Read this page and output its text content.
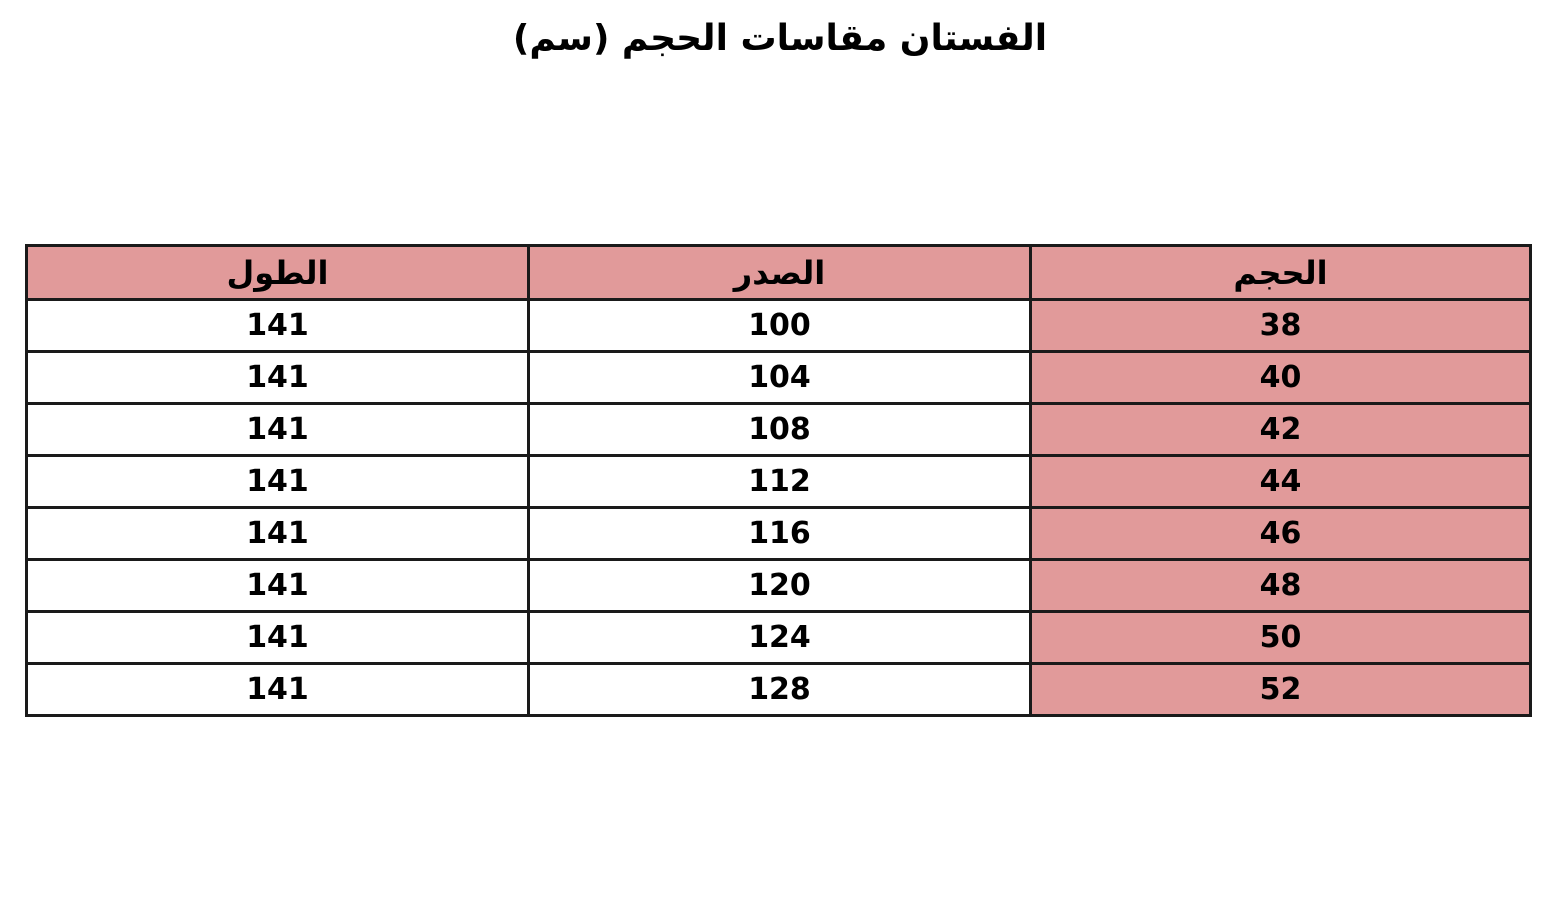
الفستان مقاسات الحجم (سم)
الحجم	الصدر	الطول
38	100	141
40	104	141
42	108	141
44	112	141
46	116	141
48	120	141
50	124	141
52	128	141
